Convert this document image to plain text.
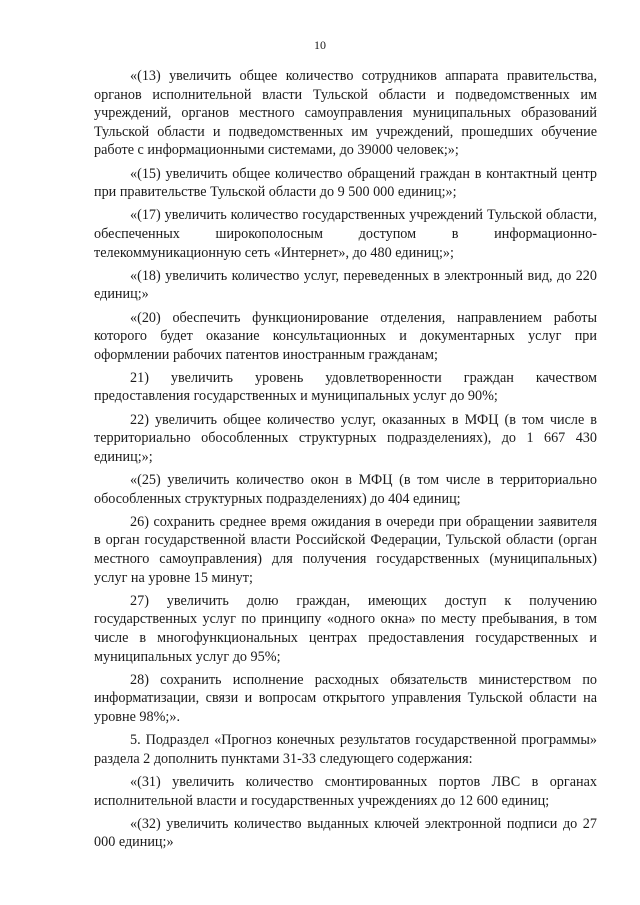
10

«(13) увеличить общее количество сотрудников аппарата правительства, органов исполнительной власти Тульской области и подведомственных им учреждений, органов местного самоуправления муниципальных образований Тульской области и подведомственных им учреждений, прошедших обучение работе с информационными системами, до 39000 человек;»;

«(15) увеличить общее количество обращений граждан в контактный центр при правительстве Тульской области до 9 500 000 единиц;»;

«(17) увеличить количество государственных учреждений Тульской области, обеспеченных широкополосным доступом в информационно-телекоммуникационную сеть «Интернет», до 480 единиц;»;

«(18) увеличить количество услуг, переведенных в электронный вид, до 220 единиц;»

«(20) обеспечить функционирование отделения, направлением работы которого будет оказание консультационных и документарных услуг при оформлении рабочих патентов иностранным гражданам;

21) увеличить уровень удовлетворенности граждан качеством предоставления государственных и муниципальных услуг до 90%;

22) увеличить общее количество услуг, оказанных в МФЦ (в том числе в территориально обособленных структурных подразделениях), до 1 667 430 единиц;»;

«(25) увеличить количество окон в МФЦ (в том числе в территориально обособленных структурных подразделениях) до 404 единиц;

26) сохранить среднее время ожидания в очереди при обращении заявителя в орган государственной власти Российской Федерации, Тульской области (орган местного самоуправления) для получения государственных (муниципальных) услуг на уровне 15 минут;

27) увеличить долю граждан, имеющих доступ к получению государственных услуг по принципу «одного окна» по месту пребывания, в том числе в многофункциональных центрах предоставления государственных и муниципальных услуг до 95%;

28) сохранить исполнение расходных обязательств министерством по информатизации, связи и вопросам открытого управления Тульской области на уровне 98%;».

5. Подраздел «Прогноз конечных результатов государственной программы» раздела 2 дополнить пунктами 31-33 следующего содержания:

«(31) увеличить количество смонтированных портов ЛВС в органах исполнительной власти и государственных учреждениях до 12 600 единиц;

«(32) увеличить количество выданных ключей электронной подписи до 27 000 единиц;»
